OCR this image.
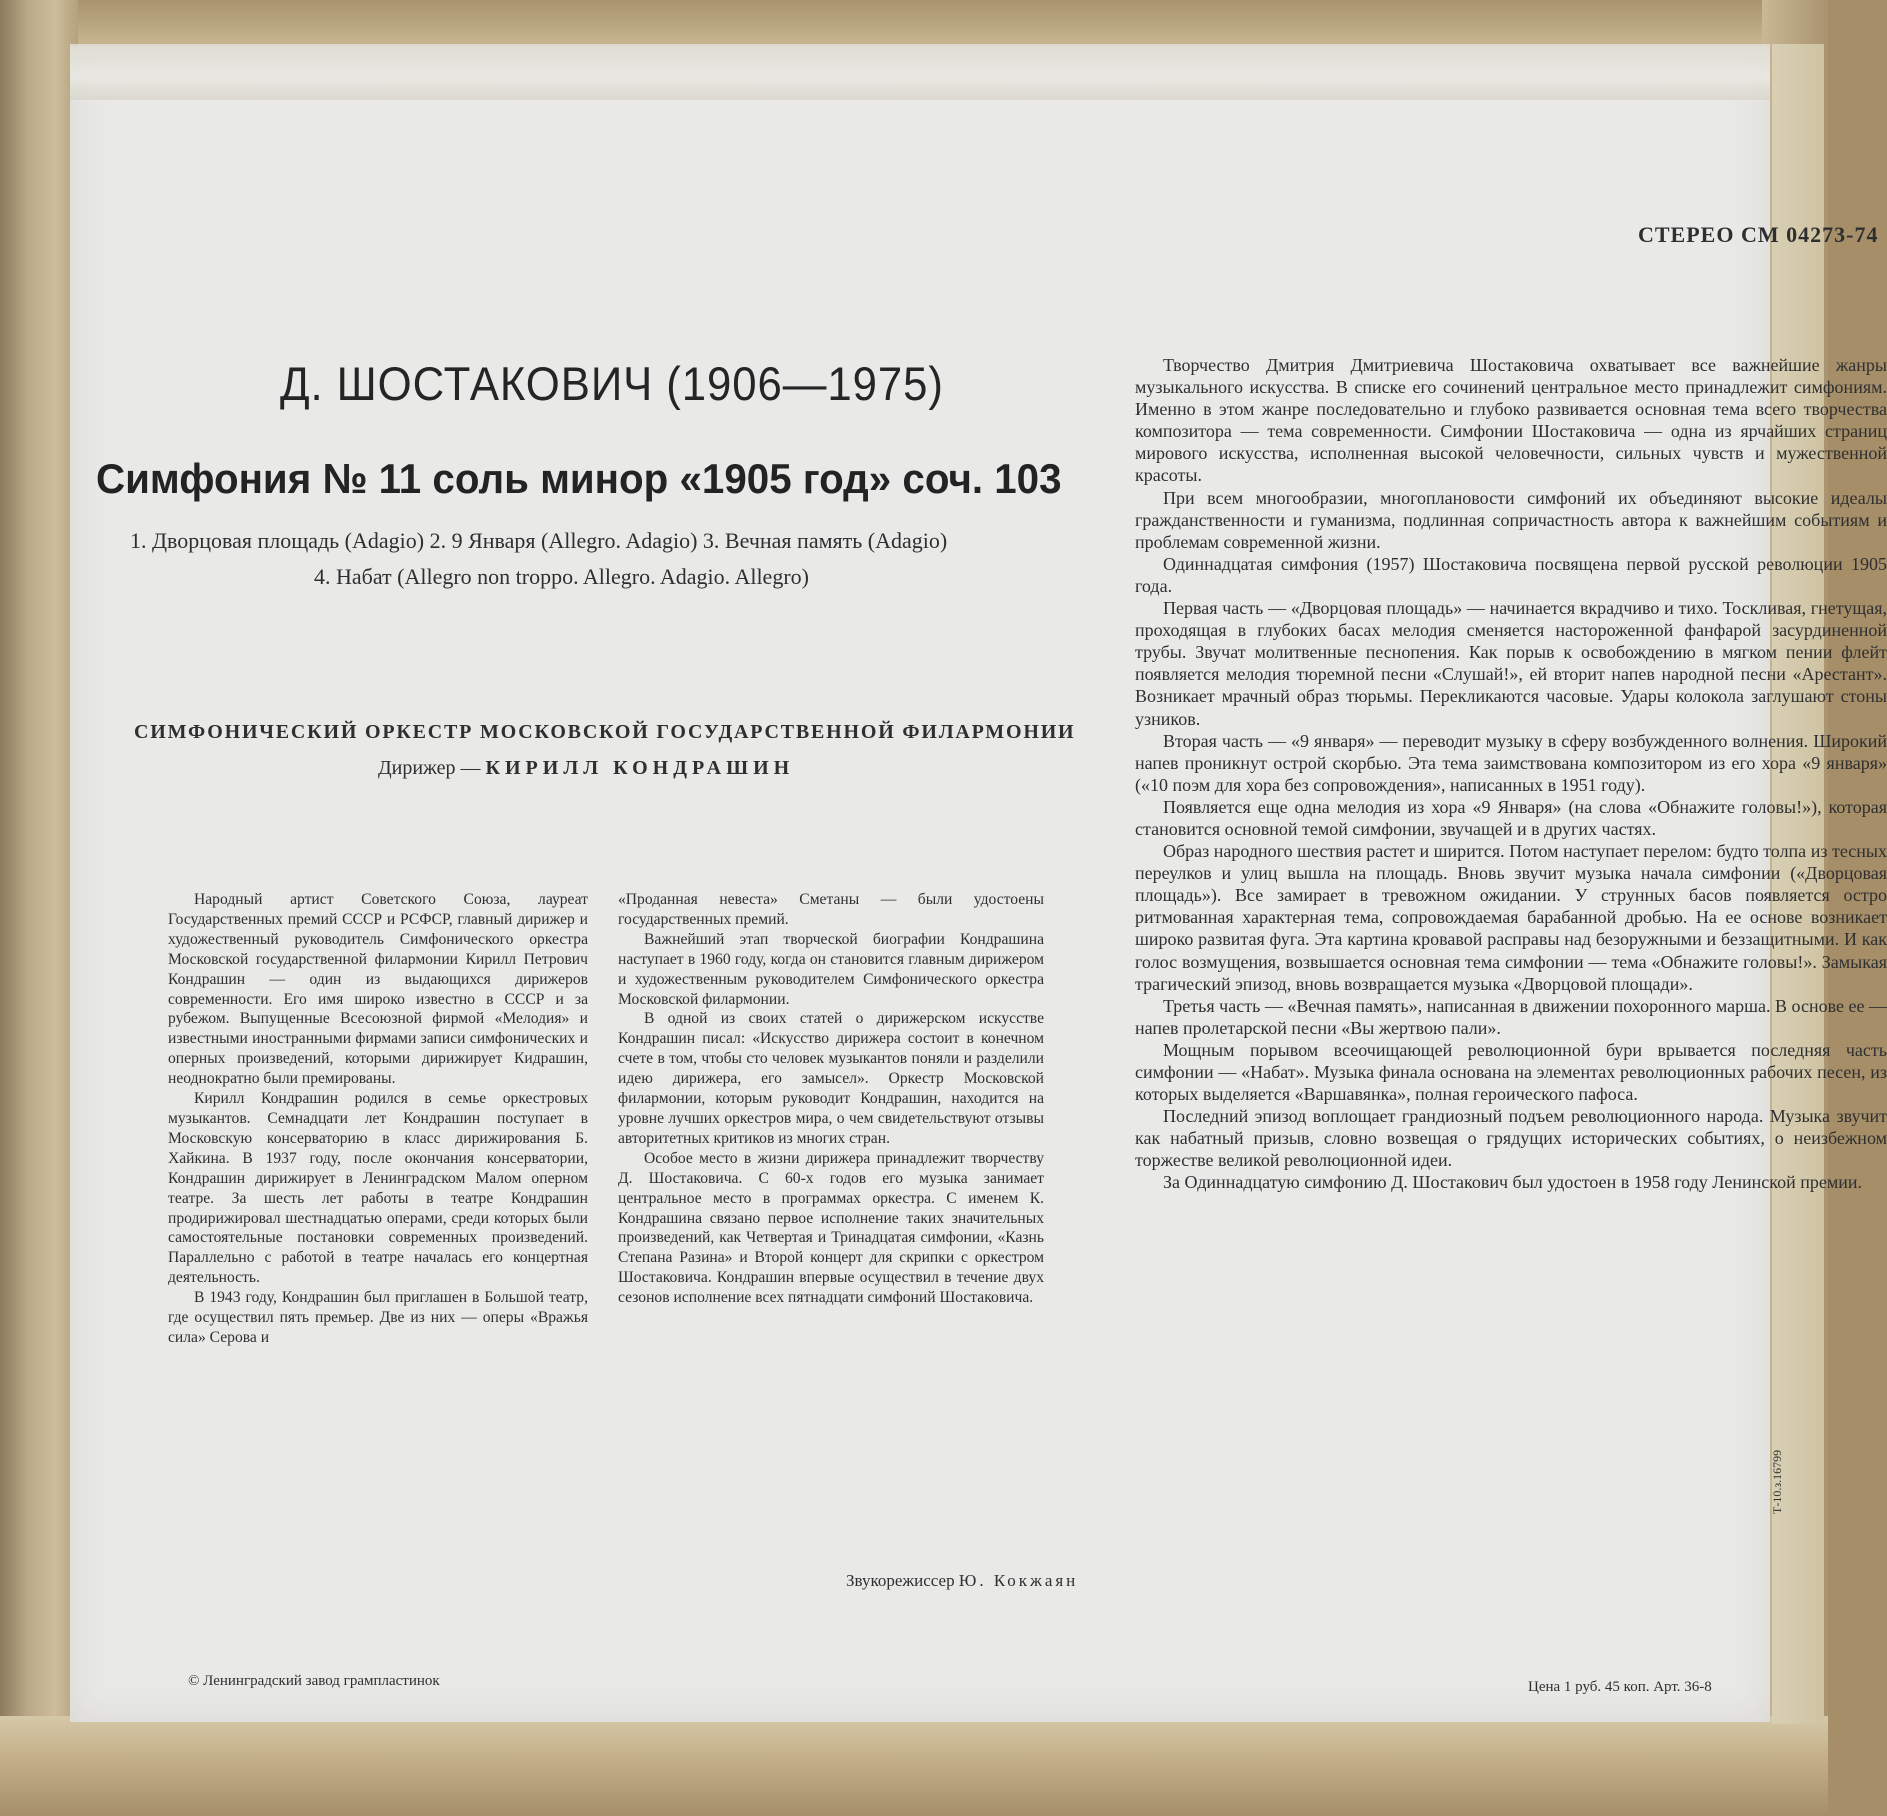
СТЕРЕО СМ 04273-74
Д. ШОСТАКОВИЧ (1906—1975)
Симфония № 11 соль минор «1905 год» соч. 103
1. Дворцовая площадь (Adagio) 2. 9 Января (Allegro. Adagio) 3. Вечная память (Adagio)
4. Набат (Allegro non troppo. Allegro. Adagio. Allegro)
СИМФОНИЧЕСКИЙ ОРКЕСТР МОСКОВСКОЙ ГОСУДАРСТВЕННОЙ ФИЛАРМОНИИ
Дирижер — КИРИЛЛ КОНДРАШИН

Народный артист Советского Союза, лауреат Государственных премий СССР и РСФСР, главный дирижер и художественный руководитель Симфонического оркестра Московской государственной филармонии Кирилл Петрович Кондрашин — один из выдающихся дирижеров современности. Его имя широко известно в СССР и за рубежом. Выпущенные Всесоюзной фирмой «Мелодия» и известными иностранными фирмами записи симфонических и оперных произведений, которыми дирижирует Кидрашин, неоднократно были премированы.

Кирилл Кондрашин родился в семье оркестровых музыкантов. Семнадцати лет Кондрашин поступает в Московскую консерваторию в класс дирижирования Б. Хайкина. В 1937 году, после окончания консерватории, Кондрашин дирижирует в Ленинградском Малом оперном театре. За шесть лет работы в театре Кондрашин продирижировал шестнадцатью операми, среди которых были самостоятельные постановки современных произведений. Параллельно с работой в театре началась его концертная деятельность.

В 1943 году, Кондрашин был приглашен в Большой театр, где осуществил пять премьер. Две из них — оперы «Вражья сила» Серова и

«Проданная невеста» Сметаны — были удостоены государственных премий.

Важнейший этап творческой биографии Кондрашина наступает в 1960 году, когда он становится главным дирижером и художественным руководителем Симфонического оркестра Московской филармонии.

В одной из своих статей о дирижерском искусстве Кондрашин писал: «Искусство дирижера состоит в конечном счете в том, чтобы сто человек музыкантов поняли и разделили идею дирижера, его замысел». Оркестр Московской филармонии, которым руководит Кондрашин, находится на уровне лучших оркестров мира, о чем свидетельствуют отзывы авторитетных критиков из многих стран.

Особое место в жизни дирижера принадлежит творчеству Д. Шостаковича. С 60-х годов его музыка занимает центральное место в программах оркестра. С именем К. Кондрашина связано первое исполнение таких значительных произведений, как Четвертая и Тринадцатая симфонии, «Казнь Степана Разина» и Второй концерт для скрипки с оркестром Шостаковича. Кондрашин впервые осуществил в течение двух сезонов исполнение всех пятнадцати симфоний Шостаковича.

Творчество Дмитрия Дмитриевича Шостаковича охватывает все важнейшие жанры музыкального искусства. В списке его сочинений центральное место принадлежит симфониям. Именно в этом жанре последовательно и глубоко развивается основная тема всего творчества композитора — тема современности. Симфонии Шостаковича — одна из ярчайших страниц мирового искусства, исполненная высокой человечности, сильных чувств и мужественной красоты.

При всем многообразии, многоплановости симфоний их объединяют высокие идеалы гражданственности и гуманизма, подлинная сопричастность автора к важнейшим событиям и проблемам современной жизни.

Одиннадцатая симфония (1957) Шостаковича посвящена первой русской революции 1905 года.

Первая часть — «Дворцовая площадь» — начинается вкрадчиво и тихо. Тоскливая, гнетущая, проходящая в глубоких басах мелодия сменяется настороженной фанфарой засурдиненной трубы. Звучат молитвенные песнопения. Как порыв к освобождению в мягком пении флейт появляется мелодия тюремной песни «Слушай!», ей вторит напев народной песни «Арестант». Возникает мрачный образ тюрьмы. Перекликаются часовые. Удары колокола заглушают стоны узников.

Вторая часть — «9 января» — переводит музыку в сферу возбужденного волнения. Широкий напев проникнут острой скорбью. Эта тема заимствована композитором из его хора «9 января» («10 поэм для хора без сопровождения», написанных в 1951 году).

Появляется еще одна мелодия из хора «9 Января» (на слова «Обнажите головы!»), которая становится основной темой симфонии, звучащей и в других частях.

Образ народного шествия растет и ширится. Потом наступает перелом: будто толпа из тесных переулков и улиц вышла на площадь. Вновь звучит музыка начала симфонии («Дворцовая площадь»). Все замирает в тревожном ожидании. У струнных басов появляется остро ритмованная характерная тема, сопровождаемая барабанной дробью. На ее основе возникает широко развитая фуга. Эта картина кровавой расправы над безоружными и беззащитными. И как голос возмущения, возвышается основная тема симфонии — тема «Обнажите головы!». Замыкая трагический эпизод, вновь возвращается музыка «Дворцовой площади».

Третья часть — «Вечная память», написанная в движении похоронного марша. В основе ее — напев пролетарской песни «Вы жертвою пали».

Мощным порывом всеочищающей революционной бури врывается последняя часть симфонии — «Набат». Музыка финала основана на элементах революционных рабочих песен, из которых выделяется «Варшавянка», полная героического пафоса.

Последний эпизод воплощает грандиозный подъем революционного народа. Музыка звучит как набатный призыв, словно возвещая о грядущих исторических событиях, о неизбежном торжестве великой революционной идеи.

За Одиннадцатую симфонию Д. Шостакович был удостоен в 1958 году Ленинской премии.

Звукорежиссер Ю. Кокжаян
Т-10.з.16799
© Ленинградский завод грампластинок	Цена 1 руб. 45 коп. Арт. 36-8
